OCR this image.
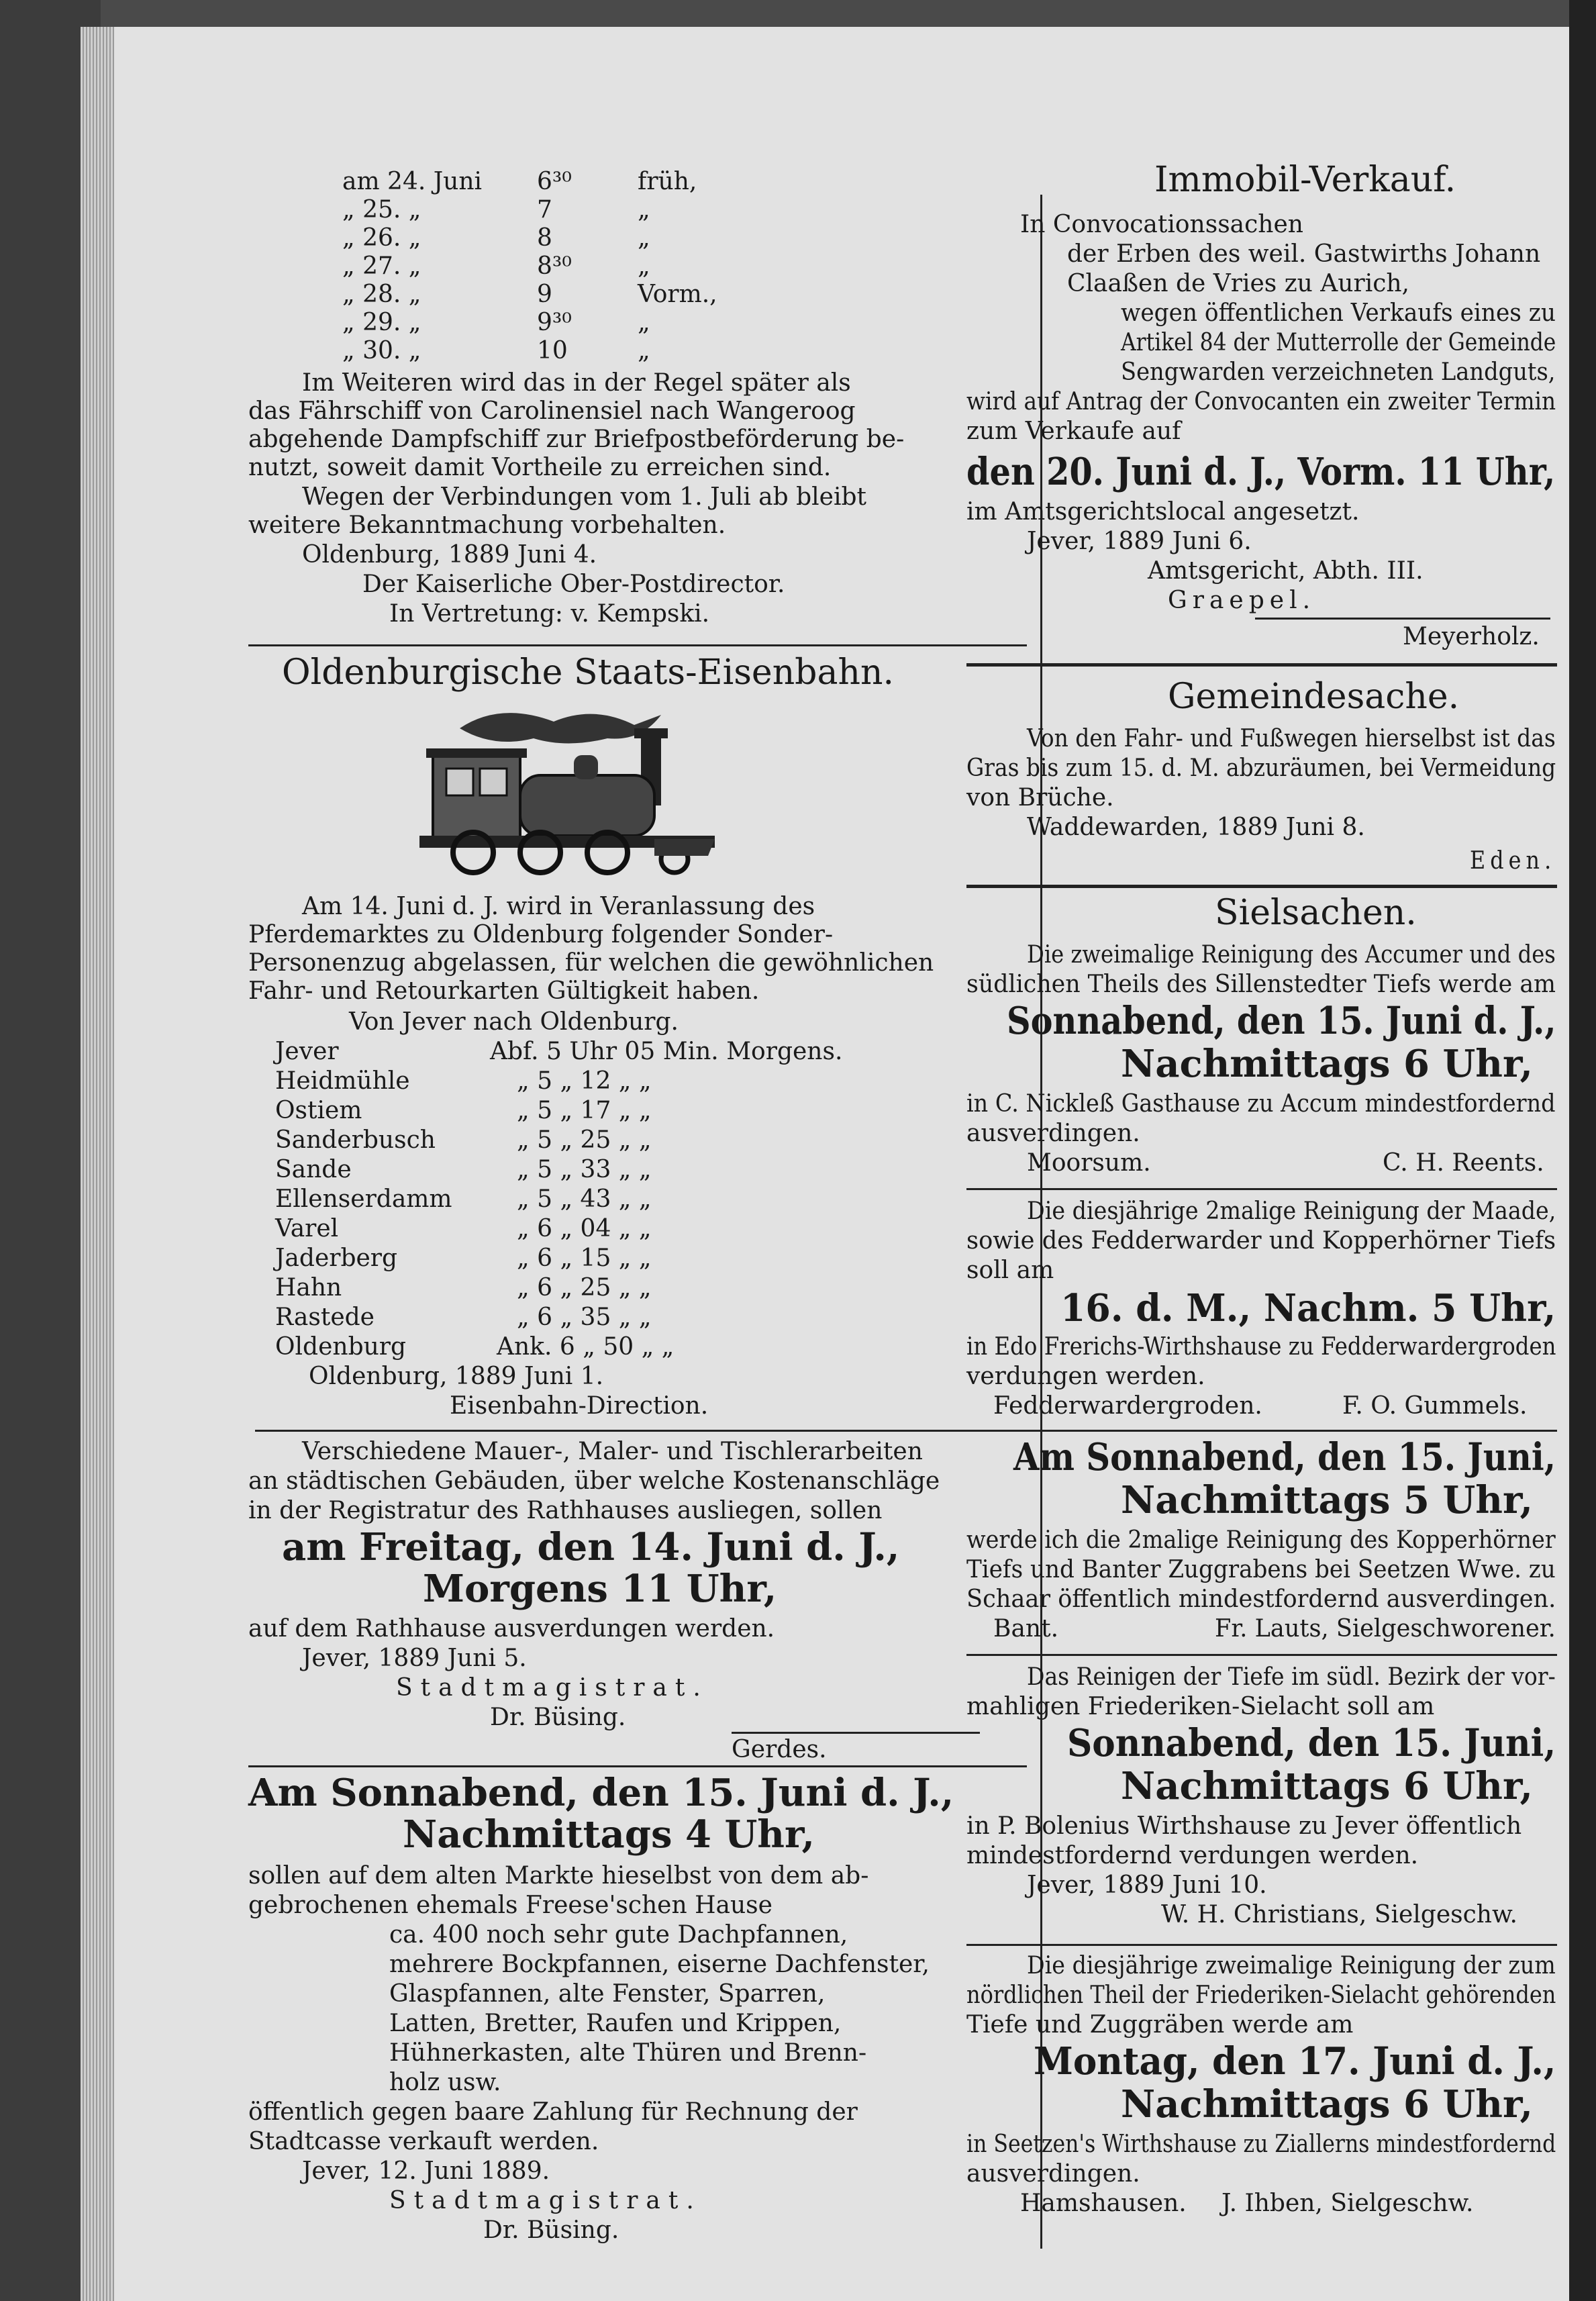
am 24. Juni 6³⁰	früh,
„ 25. „	7	„
„ 26. „	8	„
„ 27. „	8³⁰	„
„ 28. „	9	Vorm.,
„ 29. „	9³⁰	„
„ 30. „	10	„
Im Weiteren wird das in der Regel später als
das Fährschiff von Carolinensiel nach Wangeroog
abgehende Dampfschiff zur Briefpostbeförderung be-
nutzt, soweit damit Vortheile zu erreichen sind.
Wegen der Verbindungen vom 1. Juli ab bleibt
weitere Bekanntmachung vorbehalten.
Oldenburg, 1889 Juni 4.
Der Kaiserliche Ober-Postdirector.
In Vertretung: v. Kempski.
Oldenburgische Staats-Eisenbahn.
Am 14. Juni d. J. wird in Veranlassung des
Pferdemarktes zu Oldenburg folgender Sonder-
Personenzug abgelassen, für welchen die gewöhnlichen
Fahr- und Retourkarten Gültigkeit haben.
Von Jever nach Oldenburg.
Jever	Abf. 5 Uhr 05 Min. Morgens.
Heidmühle	„ 5 „ 12 „ „
Ostiem	„ 5 „ 17 „ „
Sanderbusch	„ 5 „ 25 „ „
Sande	„ 5 „ 33 „ „
Ellenserdamm	„ 5 „ 43 „ „
Varel	„ 6 „ 04 „ „
Jaderberg	„ 6 „ 15 „ „
Hahn	„ 6 „ 25 „ „
Rastede	„ 6 „ 35 „ „
Oldenburg	Ank. 6 „ 50 „ „
Oldenburg, 1889 Juni 1.
Eisenbahn-Direction.
Verschiedene Mauer-, Maler- und Tischlerarbeiten
an städtischen Gebäuden, über welche Kostenanschläge
in der Registratur des Rathhauses ausliegen, sollen
am Freitag, den 14. Juni d. J.,
Morgens 11 Uhr,
auf dem Rathhause ausverdungen werden.
Jever, 1889 Juni 5.
Stadtmagistrat.
Dr. Büsing.
Gerdes.
Am Sonnabend, den 15. Juni d. J.,
Nachmittags 4 Uhr,
sollen auf dem alten Markte hieselbst von dem ab-
gebrochenen ehemals Freese'schen Hause
ca. 400 noch sehr gute Dachpfannen,
mehrere Bockpfannen, eiserne Dachfenster,
Glaspfannen, alte Fenster, Sparren,
Latten, Bretter, Raufen und Krippen,
Hühnerkasten, alte Thüren und Brenn-
holz usw.
öffentlich gegen baare Zahlung für Rechnung der
Stadtcasse verkauft werden.
Jever, 12. Juni 1889.
Stadtmagistrat.
Dr. Büsing.
Immobil-Verkauf.
In Convocationssachen
der Erben des weil. Gastwirths Johann
Claaßen de Vries zu Aurich,
wegen öffentlichen Verkaufs eines zu
Artikel 84 der Mutterrolle der Gemeinde
Sengwarden verzeichneten Landguts,
wird auf Antrag der Convocanten ein zweiter Termin
zum Verkaufe auf
den 20. Juni d. J., Vorm. 11 Uhr,
im Amtsgerichtslocal angesetzt.
Jever, 1889 Juni 6.
Amtsgericht, Abth. III.
Graepel.
Meyerholz.
Gemeindesache.
Von den Fahr- und Fußwegen hierselbst ist das
Gras bis zum 15. d. M. abzuräumen, bei Vermeidung
von Brüche.
Waddewarden, 1889 Juni 8.
Eden.
Sielsachen.
Die zweimalige Reinigung des Accumer und des
südlichen Theils des Sillenstedter Tiefs werde am
Sonnabend, den 15. Juni d. J.,
Nachmittags 6 Uhr,
in C. Nickleß Gasthause zu Accum mindestfordernd
ausverdingen.
Moorsum.	C. H. Reents.
Die diesjährige 2malige Reinigung der Maade,
sowie des Fedderwarder und Kopperhörner Tiefs
soll am
16. d. M., Nachm. 5 Uhr,
in Edo Frerichs-Wirthshause zu Fedderwardergroden
verdungen werden.
Fedderwardergroden.	F. O. Gummels.
Am Sonnabend, den 15. Juni,
Nachmittags 5 Uhr,
werde ich die 2malige Reinigung des Kopperhörner
Tiefs und Banter Zuggrabens bei Seetzen Wwe. zu
Schaar öffentlich mindestfordernd ausverdingen.
Bant.	Fr. Lauts, Sielgeschworener.
Das Reinigen der Tiefe im südl. Bezirk der vor-
mahligen Friederiken-Sielacht soll am
Sonnabend, den 15. Juni,
Nachmittags 6 Uhr,
in P. Bolenius Wirthshause zu Jever öffentlich
mindestfordernd verdungen werden.
Jever, 1889 Juni 10.
W. H. Christians, Sielgeschw.
Die diesjährige zweimalige Reinigung der zum
nördlichen Theil der Friederiken-Sielacht gehörenden
Tiefe und Zuggräben werde am
Montag, den 17. Juni d. J.,
Nachmittags 6 Uhr,
in Seetzen's Wirthshause zu Ziallerns mindestfordernd
ausverdingen.
Hamshausen. J. Ihben, Sielgeschw.
